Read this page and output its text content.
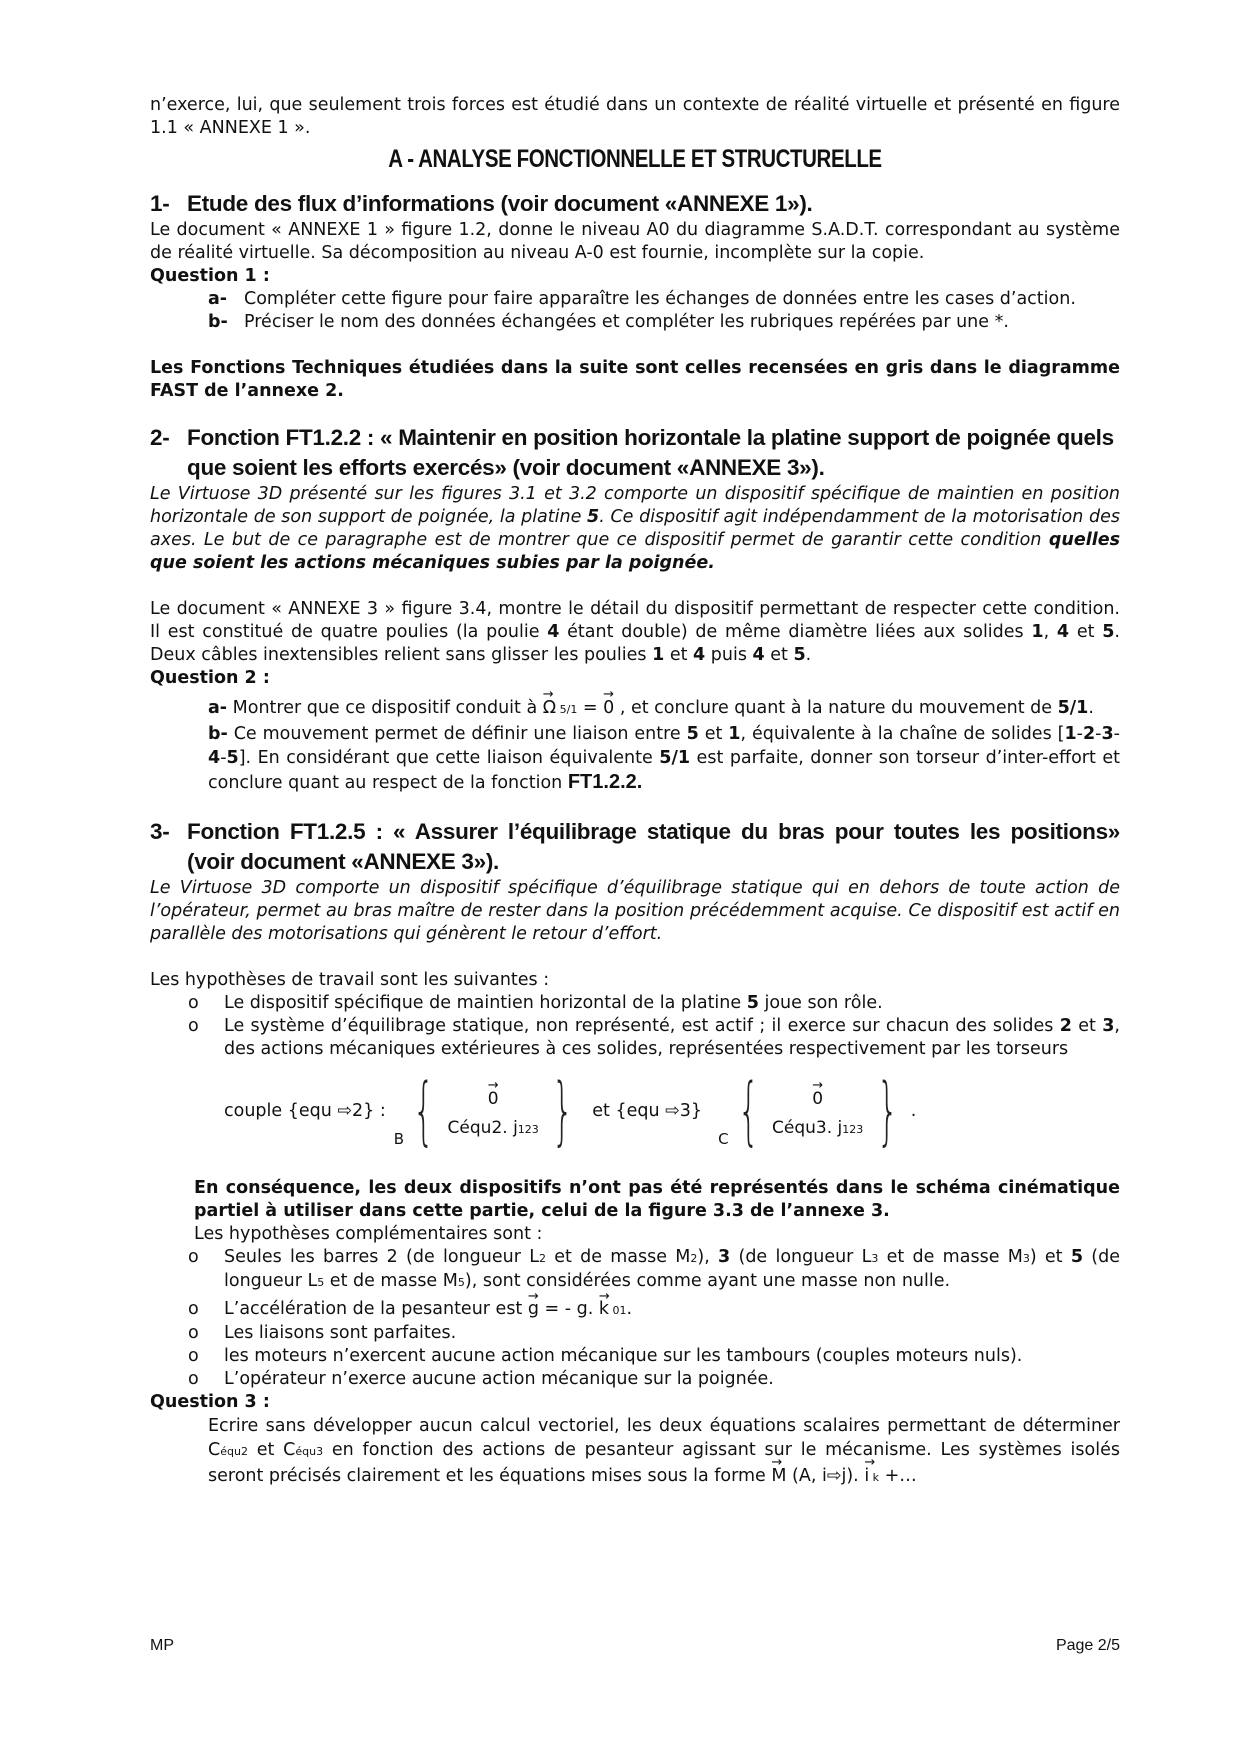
n’exerce, lui, que seulement trois forces est étudié dans un contexte de réalité virtuelle et présenté en figure 1.1 « ANNEXE 1 ».

A - ANALYSE FONCTIONNELLE ET STRUCTURELLE
1- Etude des flux d’informations (voir document «ANNEXE 1»).

Le document « ANNEXE 1 » figure 1.2, donne le niveau A0 du diagramme S.A.D.T. correspondant au système de réalité virtuelle. Sa décomposition au niveau A-0 est fournie, incomplète sur la copie.

Question 1 :

a- Compléter cette figure pour faire apparaître les échanges de données entre les cases d’action.
b- Préciser le nom des données échangées et compléter les rubriques repérées par une *.

Les Fonctions Techniques étudiées dans la suite sont celles recensées en gris dans le diagramme FAST de l’annexe 2.

2- Fonction FT1.2.2 : « Maintenir en position horizontale la platine support de poignée quels que soient les efforts exercés» (voir document «ANNEXE 3»).

Le Virtuose 3D présenté sur les figures 3.1 et 3.2 comporte un dispositif spécifique de maintien en position horizontale de son support de poignée, la platine 5. Ce dispositif agit indépendamment de la motorisation des axes. Le but de ce paragraphe est de montrer que ce dispositif permet de garantir cette condition quelles que soient les actions mécaniques subies par la poignée.

Le document « ANNEXE 3 » figure 3.4, montre le détail du dispositif permettant de respecter cette condition. Il est constitué de quatre poulies (la poulie 4 étant double) de même diamètre liées aux solides 1, 4 et 5. Deux câbles inextensibles relient sans glisser les poulies 1 et 4 puis 4 et 5.

Question 2 :

a- Montrer que ce dispositif conduit à → Ω 5/1 = → 0 , et conclure quant à la nature du mouvement de 5/1.

b- Ce mouvement permet de définir une liaison entre 5 et 1, équivalente à la chaîne de solides [1-2-3-4-5]. En considérant que cette liaison équivalente 5/1 est parfaite, donner son torseur d’inter-effort et conclure quant au respect de la fonction FT1.2.2.

3- Fonction FT1.2.5 : « Assurer l’équilibrage statique du bras pour toutes les positions» (voir document «ANNEXE 3»).

Le Virtuose 3D comporte un dispositif spécifique d’équilibrage statique qui en dehors de toute action de l’opérateur, permet au bras maître de rester dans la position précédemment acquise. Ce dispositif est actif en parallèle des motorisations qui génèrent le retour d’effort.

Les hypothèses de travail sont les suivantes :

o	Le dispositif spécifique de maintien horizontal de la platine 5 joue son rôle.
o	Le système d’équilibrage statique, non représenté, est actif ; il exerce sur chacun des solides 2 et 3, des actions mécaniques extérieures à ces solides, représentées respectivement par les torseurs
couple {equ ⇨2} :
B {	→ 0
Céqu2. j123 } et {equ ⇨3}
C {	→ 0
Céqu3. j123 } .

En conséquence, les deux dispositifs n’ont pas été représentés dans le schéma cinématique partiel à utiliser dans cette partie, celui de la figure 3.3 de l’annexe 3.

Les hypothèses complémentaires sont :

o	Seules les barres 2 (de longueur L2 et de masse M2), 3 (de longueur L3 et de masse M3) et 5 (de longueur L5 et de masse M5), sont considérées comme ayant une masse non nulle.
o	L’accélération de la pesanteur est → g = - g. → k 01.
o	Les liaisons sont parfaites.
o	les moteurs n’exercent aucune action mécanique sur les tambours (couples moteurs nuls).
o	L’opérateur n’exerce aucune action mécanique sur la poignée.

Question 3 :

Ecrire sans développer aucun calcul vectoriel, les deux équations scalaires permettant de déterminer Céqu2 et Céqu3 en fonction des actions de pesanteur agissant sur le mécanisme. Les systèmes isolés seront précisés clairement et les équations mises sous la forme → M (A, i⇨j). → i k +…

MP	Page 2/5
